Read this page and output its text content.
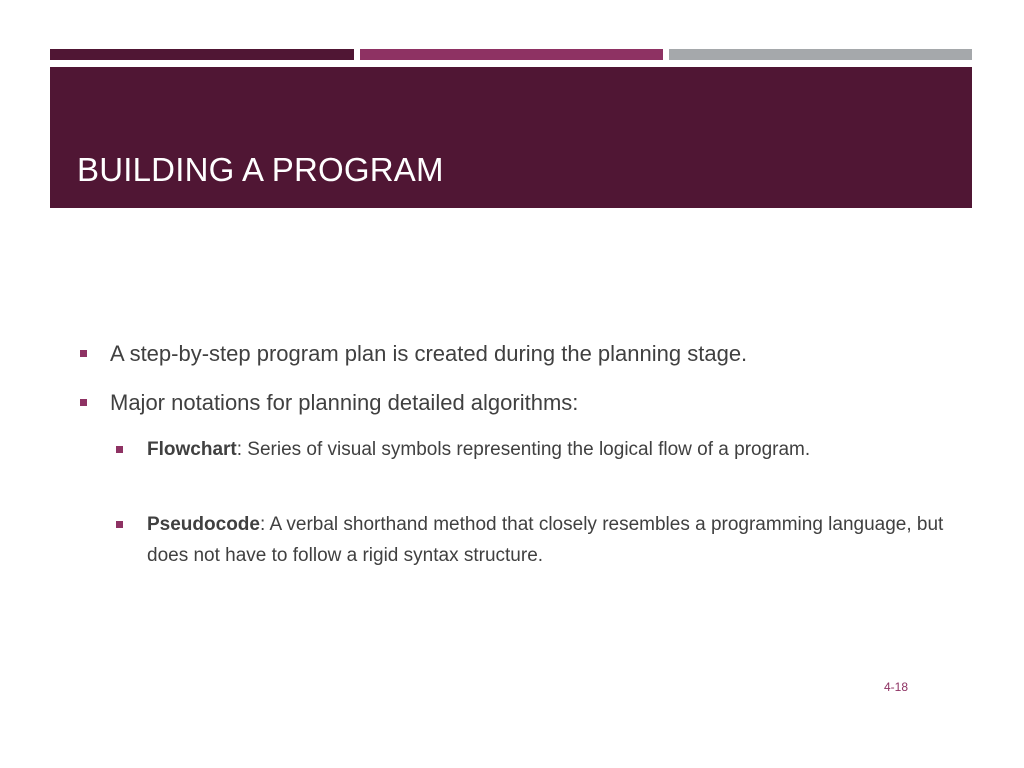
BUILDING A PROGRAM
A step-by-step program plan is created during the planning stage.
Major notations for planning detailed algorithms:
Flowchart: Series of visual symbols representing the logical flow of a program.
Pseudocode: A verbal shorthand method that closely resembles a programming language, but does not have to follow a rigid syntax structure.
4-18
